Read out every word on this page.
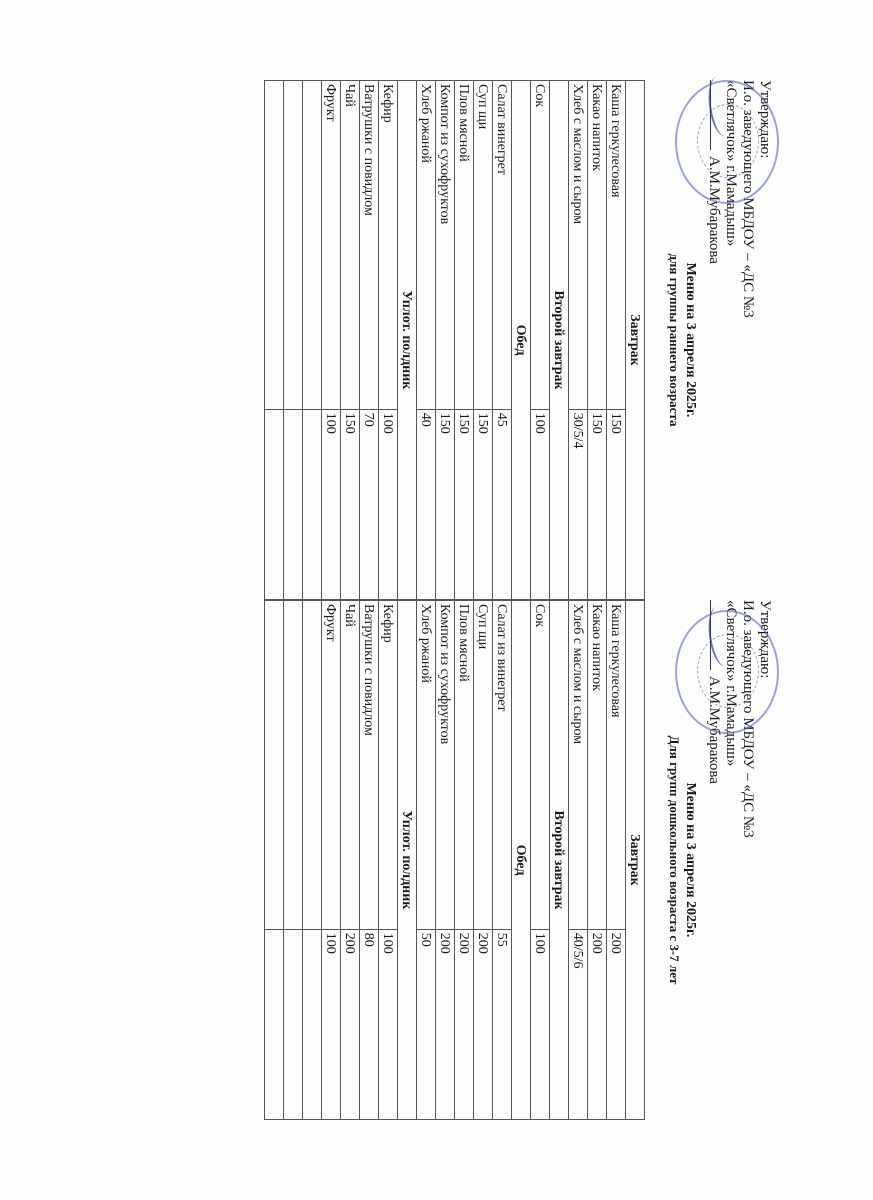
Утверждаю:
И.о. заведующего МБДОУ – «ДС №3
«Светлячок» г.Мамадыш»
А.М.Мубаракова
Меню на 3 апреля 2025г.
для группы раннего возраста
Завтрак	
Каша геркулесовая	150
Какао напиток	150
Хлеб с маслом и сыром	30/5/4
Второй завтрак	
Сок	100
Обед	
Салат винегрет	45
Суп щи	150
Плов мясной	150
Компот из сухофруктов	150
Хлеб ржаной	40
Уплот. полдник	
Кефир	100
Ватрушки с повидлом	70
Чай	150
Фрукт	100

Утверждаю:
И.о. заведующего МБДОУ – «ДС №3
«Светлячок» г.Мамадыш»
А.М.Мубаракова
Меню на 3 апреля 2025г.
Для групп дошкольного возраста с 3-7 лет
Завтрак	
Каша геркулесовая	200
Какао напиток	200
Хлеб с маслом и сыром	40/5/6
Второй завтрак	
Сок	100
Обед	
Салат из винегрет	55
Суп щи	200
Плов мясной	200
Компот из сухофруктов	200
Хлеб ржаной	50
Уплот. полдник	
Кефир	100
Ватрушки с повидлом	80
Чай	200
Фрукт	100
